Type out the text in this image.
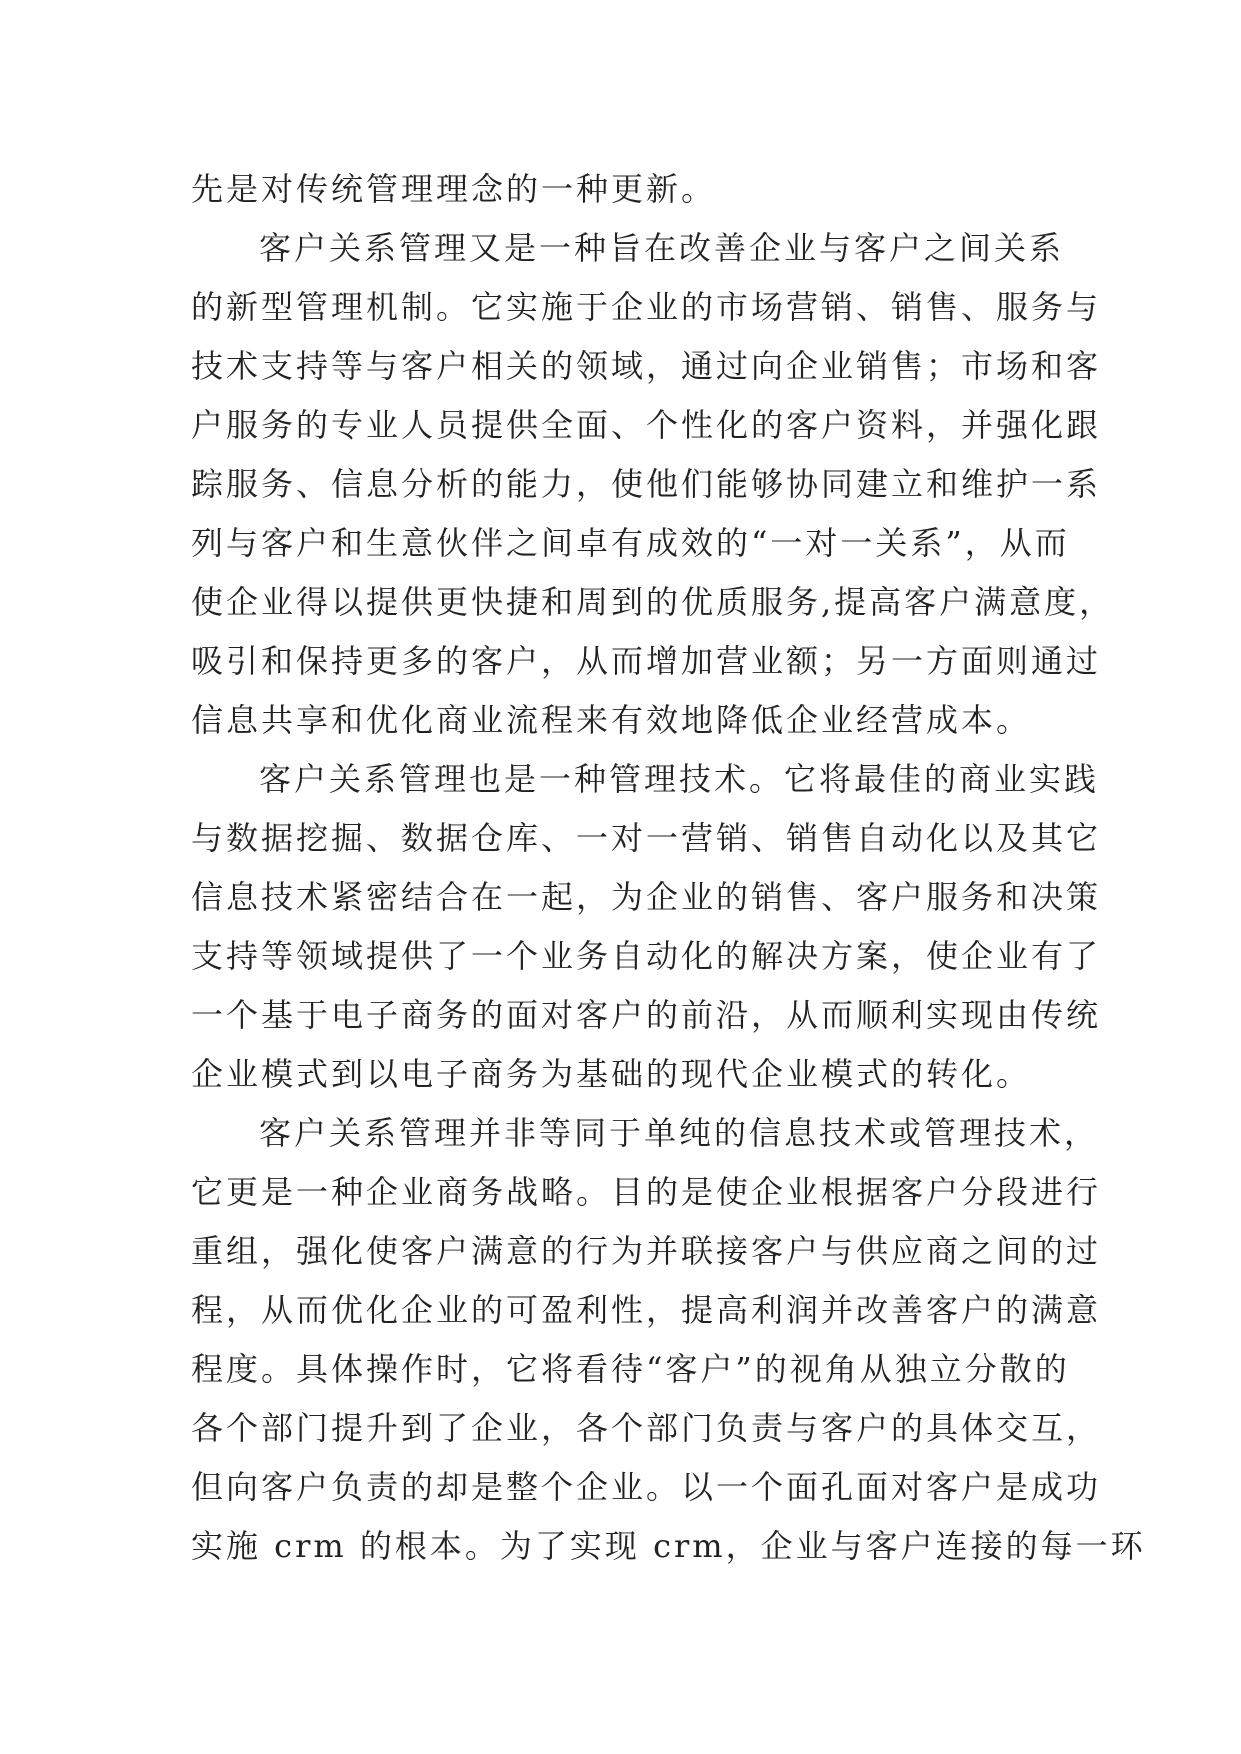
先是对传统管理理念的一种更新。
客户关系管理又是一种旨在改善企业与客户之间关系
的新型管理机制。它实施于企业的市场营销、销售、服务与
技术支持等与客户相关的领域，通过向企业销售；市场和客
户服务的专业人员提供全面、个性化的客户资料，并强化跟
踪服务、信息分析的能力，使他们能够协同建立和维护一系
列与客户和生意伙伴之间卓有成效的“一对一关系”，从而
使企业得以提供更快捷和周到的优质服务,提高客户满意度，
吸引和保持更多的客户，从而增加营业额；另一方面则通过
信息共享和优化商业流程来有效地降低企业经营成本。
客户关系管理也是一种管理技术。它将最佳的商业实践
与数据挖掘、数据仓库、一对一营销、销售自动化以及其它
信息技术紧密结合在一起，为企业的销售、客户服务和决策
支持等领域提供了一个业务自动化的解决方案，使企业有了
一个基于电子商务的面对客户的前沿，从而顺利实现由传统
企业模式到以电子商务为基础的现代企业模式的转化。
客户关系管理并非等同于单纯的信息技术或管理技术，
它更是一种企业商务战略。目的是使企业根据客户分段进行
重组，强化使客户满意的行为并联接客户与供应商之间的过
程，从而优化企业的可盈利性，提高利润并改善客户的满意
程度。具体操作时，它将看待“客户”的视角从独立分散的
各个部门提升到了企业，各个部门负责与客户的具体交互，
但向客户负责的却是整个企业。以一个面孔面对客户是成功
实施 crm 的根本。为了实现 crm，企业与客户连接的每一环
